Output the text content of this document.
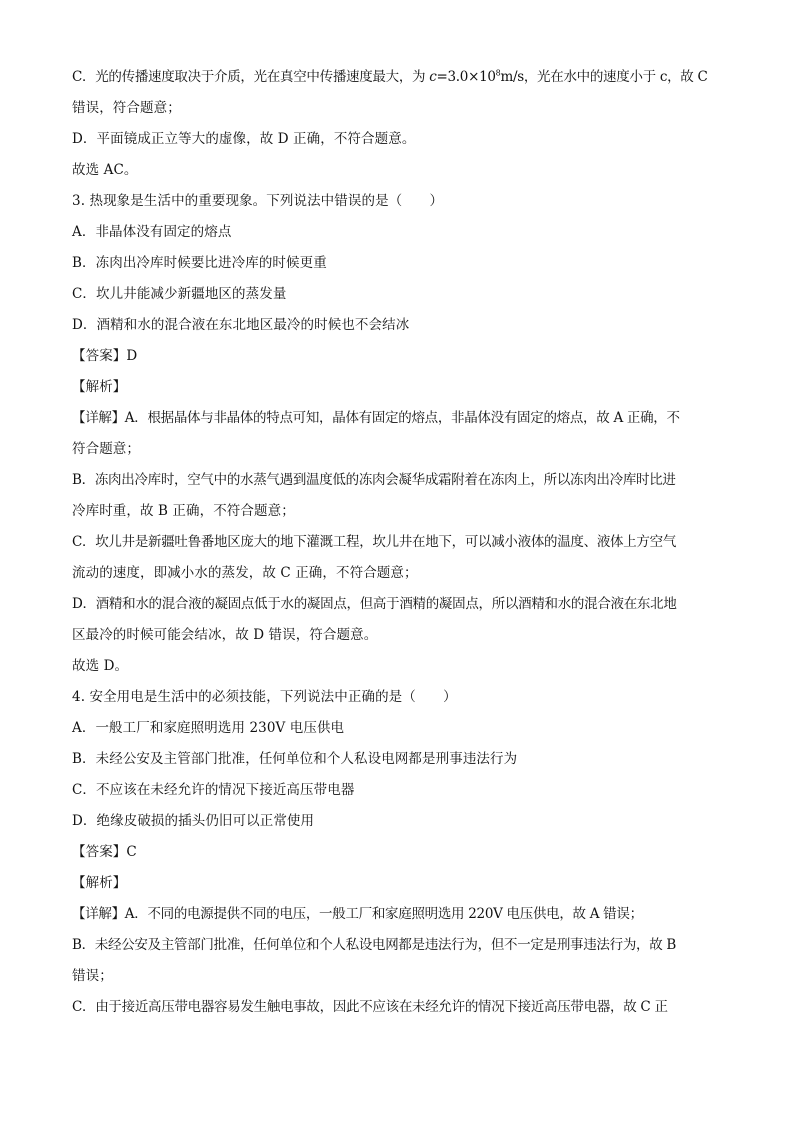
C．光的传播速度取决于介质，光在真空中传播速度最大，为 $c=3.0\times 10^8m/s$，光在水中的速度小于 c，故 C
错误，符合题意；
D．平面镜成正立等大的虚像，故 D 正确，不符合题意。
故选 AC。
3. 热现象是生活中的重要现象。下列说法中错误的是（　　）
A．非晶体没有固定的熔点
B．冻肉出冷库时候要比进冷库的时候更重
C．坎儿井能减少新疆地区的蒸发量
D．酒精和水的混合液在东北地区最冷的时候也不会结冰
【答案】D
【解析】
【详解】A．根据晶体与非晶体的特点可知，晶体有固定的熔点，非晶体没有固定的熔点，故 A 正确，不
符合题意；
B．冻肉出冷库时，空气中的水蒸气遇到温度低的冻肉会凝华成霜附着在冻肉上，所以冻肉出冷库时比进
冷库时重，故 B 正确，不符合题意；
C．坎儿井是新疆吐鲁番地区庞大的地下灌溉工程，坎儿井在地下，可以减小液体的温度、液体上方空气
流动的速度，即减小水的蒸发，故 C 正确，不符合题意；
D．酒精和水的混合液的凝固点低于水的凝固点，但高于酒精的凝固点，所以酒精和水的混合液在东北地
区最冷的时候可能会结冰，故 D 错误，符合题意。
故选 D。
4. 安全用电是生活中的必须技能，下列说法中正确的是（　　）
A．一般工厂和家庭照明选用 230V 电压供电
B．未经公安及主管部门批准，任何单位和个人私设电网都是刑事违法行为
C．不应该在未经允许的情况下接近高压带电器
D．绝缘皮破损的插头仍旧可以正常使用
【答案】C
【解析】
【详解】A．不同的电源提供不同的电压，一般工厂和家庭照明选用 220V 电压供电，故 A 错误；
B．未经公安及主管部门批准，任何单位和个人私设电网都是违法行为，但不一定是刑事违法行为，故 B
错误；
C．由于接近高压带电器容易发生触电事故，因此不应该在未经允许的情况下接近高压带电器，故 C 正
